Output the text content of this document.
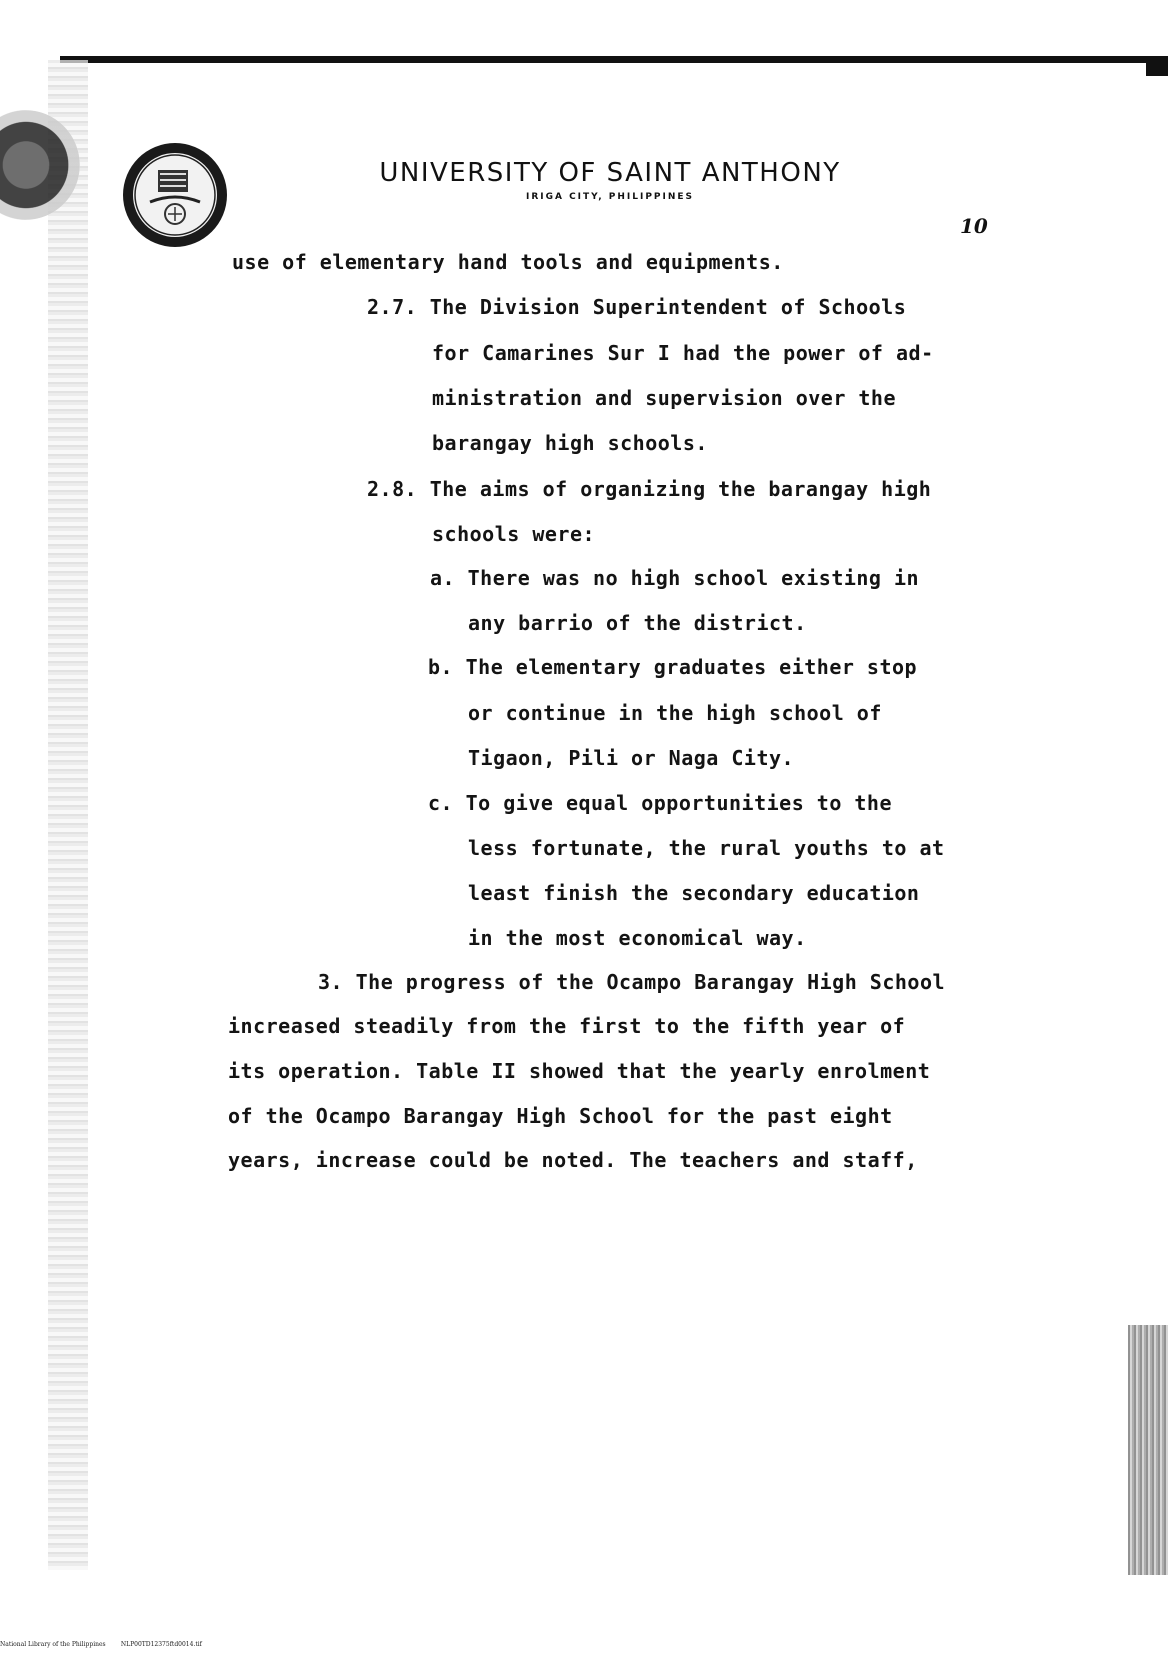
UNIVERSITY OF SAINT ANTHONY
IRIGA CITY, PHILIPPINES
10
use of elementary hand tools and equipments.
2.7. The Division Superintendent of Schools
for Camarines Sur I had the power of ad-
ministration and supervision over the
barangay high schools.
2.8. The aims of organizing the barangay high
schools were:
a. There was no high school existing in
any barrio of the district.
b. The elementary graduates either stop
or continue in the high school of
Tigaon, Pili or Naga City.
c. To give equal opportunities to the
less fortunate, the rural youths to at
least finish the secondary education
in the most economical way.
3. The progress of the Ocampo Barangay High School
increased steadily from the first to the fifth year of
its operation. Table II showed that the yearly enrolment
of the Ocampo Barangay High School for the past eight
years, increase could be noted. The teachers and staff,
National Library of the Philippines	NLP00TD12375ftd0014.tif
